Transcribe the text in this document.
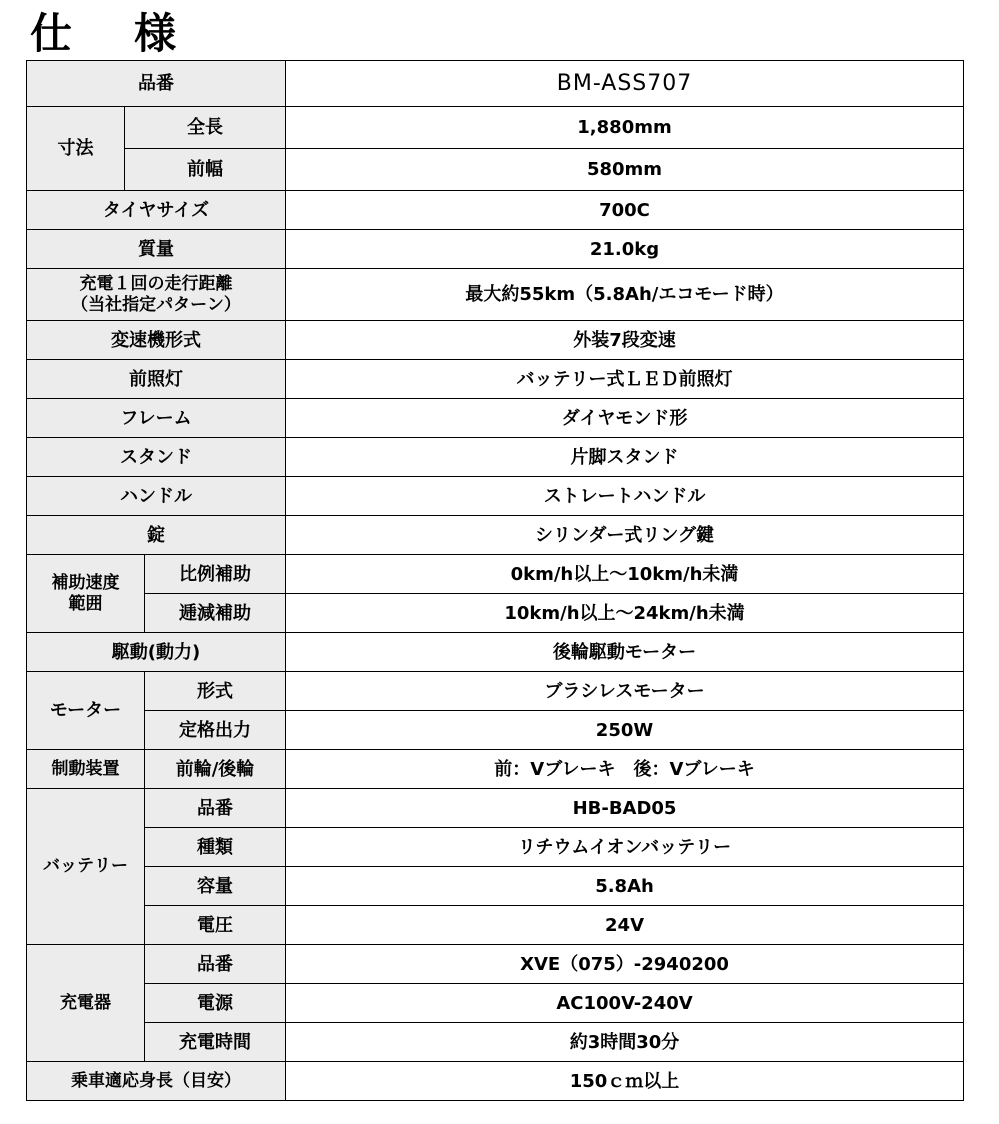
仕様
品番			BM-ASS707
寸法	全長		1,880mm
	前幅		580mm
タイヤサイズ			700C
質量			21.0kg
充電１回の走行距離
（当社指定パターン）			最大約55km（5.8Ah/エコモード時）
変速機形式			外装7段変速
前照灯			バッテリー式ＬＥＤ前照灯
フレーム			ダイヤモンド形
スタンド			片脚スタンド
ハンドル			ストレートハンドル
錠			シリンダー式リング鍵
補助速度
範囲		比例補助	0km/h以上～10km/h未満
		逓減補助	10km/h以上～24km/h未満
駆動(動力)			後輪駆動モーター
モーター		形式	ブラシレスモーター
		定格出力	250W
制動装置		前輪/後輪	前：Vブレーキ　後：Vブレーキ
バッテリー		品番	HB-BAD05
		種類	リチウムイオンバッテリー
		容量	5.8Ah
		電圧	24V
充電器		品番	XVE（075）-2940200
		電源	AC100V-240V
		充電時間	約3時間30分
乗車適応身長（目安）			150ｃｍ以上
